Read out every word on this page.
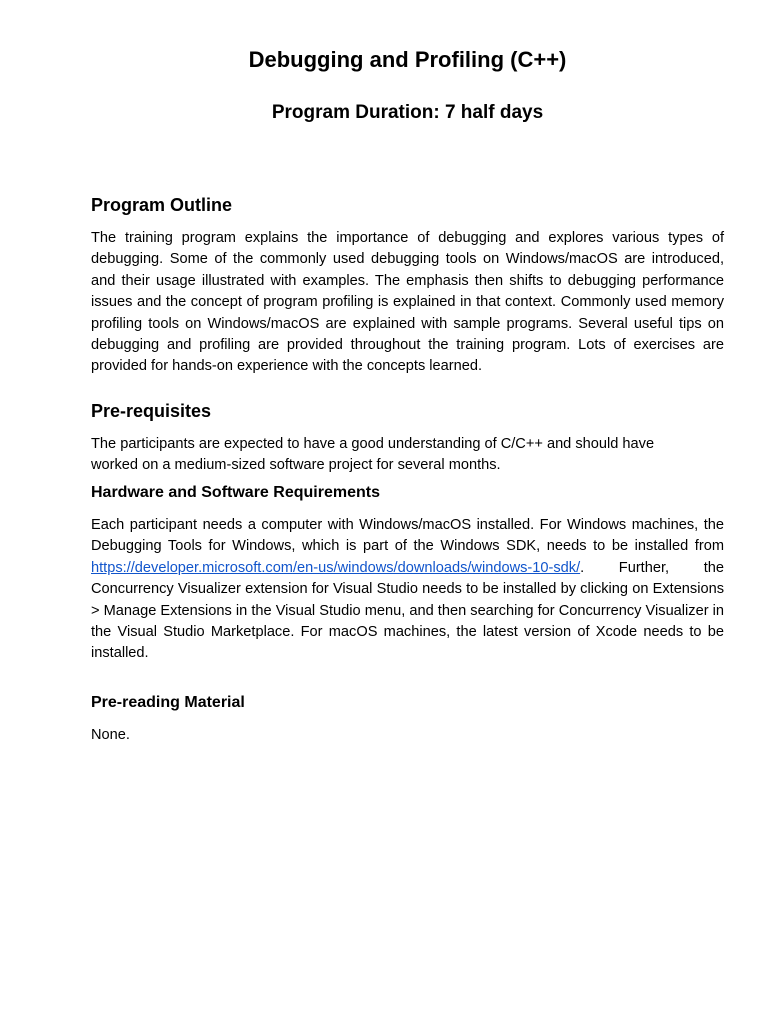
Debugging and Profiling (C++)
Program Duration: 7 half days
Program Outline

The training program explains the importance of debugging and explores various types of debugging. Some of the commonly used debugging tools on Windows/macOS are introduced, and their usage illustrated with examples. The emphasis then shifts to debugging performance issues and the concept of program profiling is explained in that context. Commonly used memory profiling tools on Windows/macOS are explained with sample programs. Several useful tips on debugging and profiling are provided throughout the training program. Lots of exercises are provided for hands-on experience with the concepts learned.

Pre-requisites

The participants are expected to have a good understanding of C/C++ and should have
worked on a medium-sized software project for several months.

Hardware and Software Requirements

Each participant needs a computer with Windows/macOS installed. For Windows machines, the Debugging Tools for Windows, which is part of the Windows SDK, needs to be installed from https://developer.microsoft.com/en-us/windows/downloads/windows-10-sdk/. Further, the Concurrency Visualizer extension for Visual Studio needs to be installed by clicking on Extensions > Manage Extensions in the Visual Studio menu, and then searching for Concurrency Visualizer in the Visual Studio Marketplace. For macOS machines, the latest version of Xcode needs to be installed.

Pre-reading Material

None.
